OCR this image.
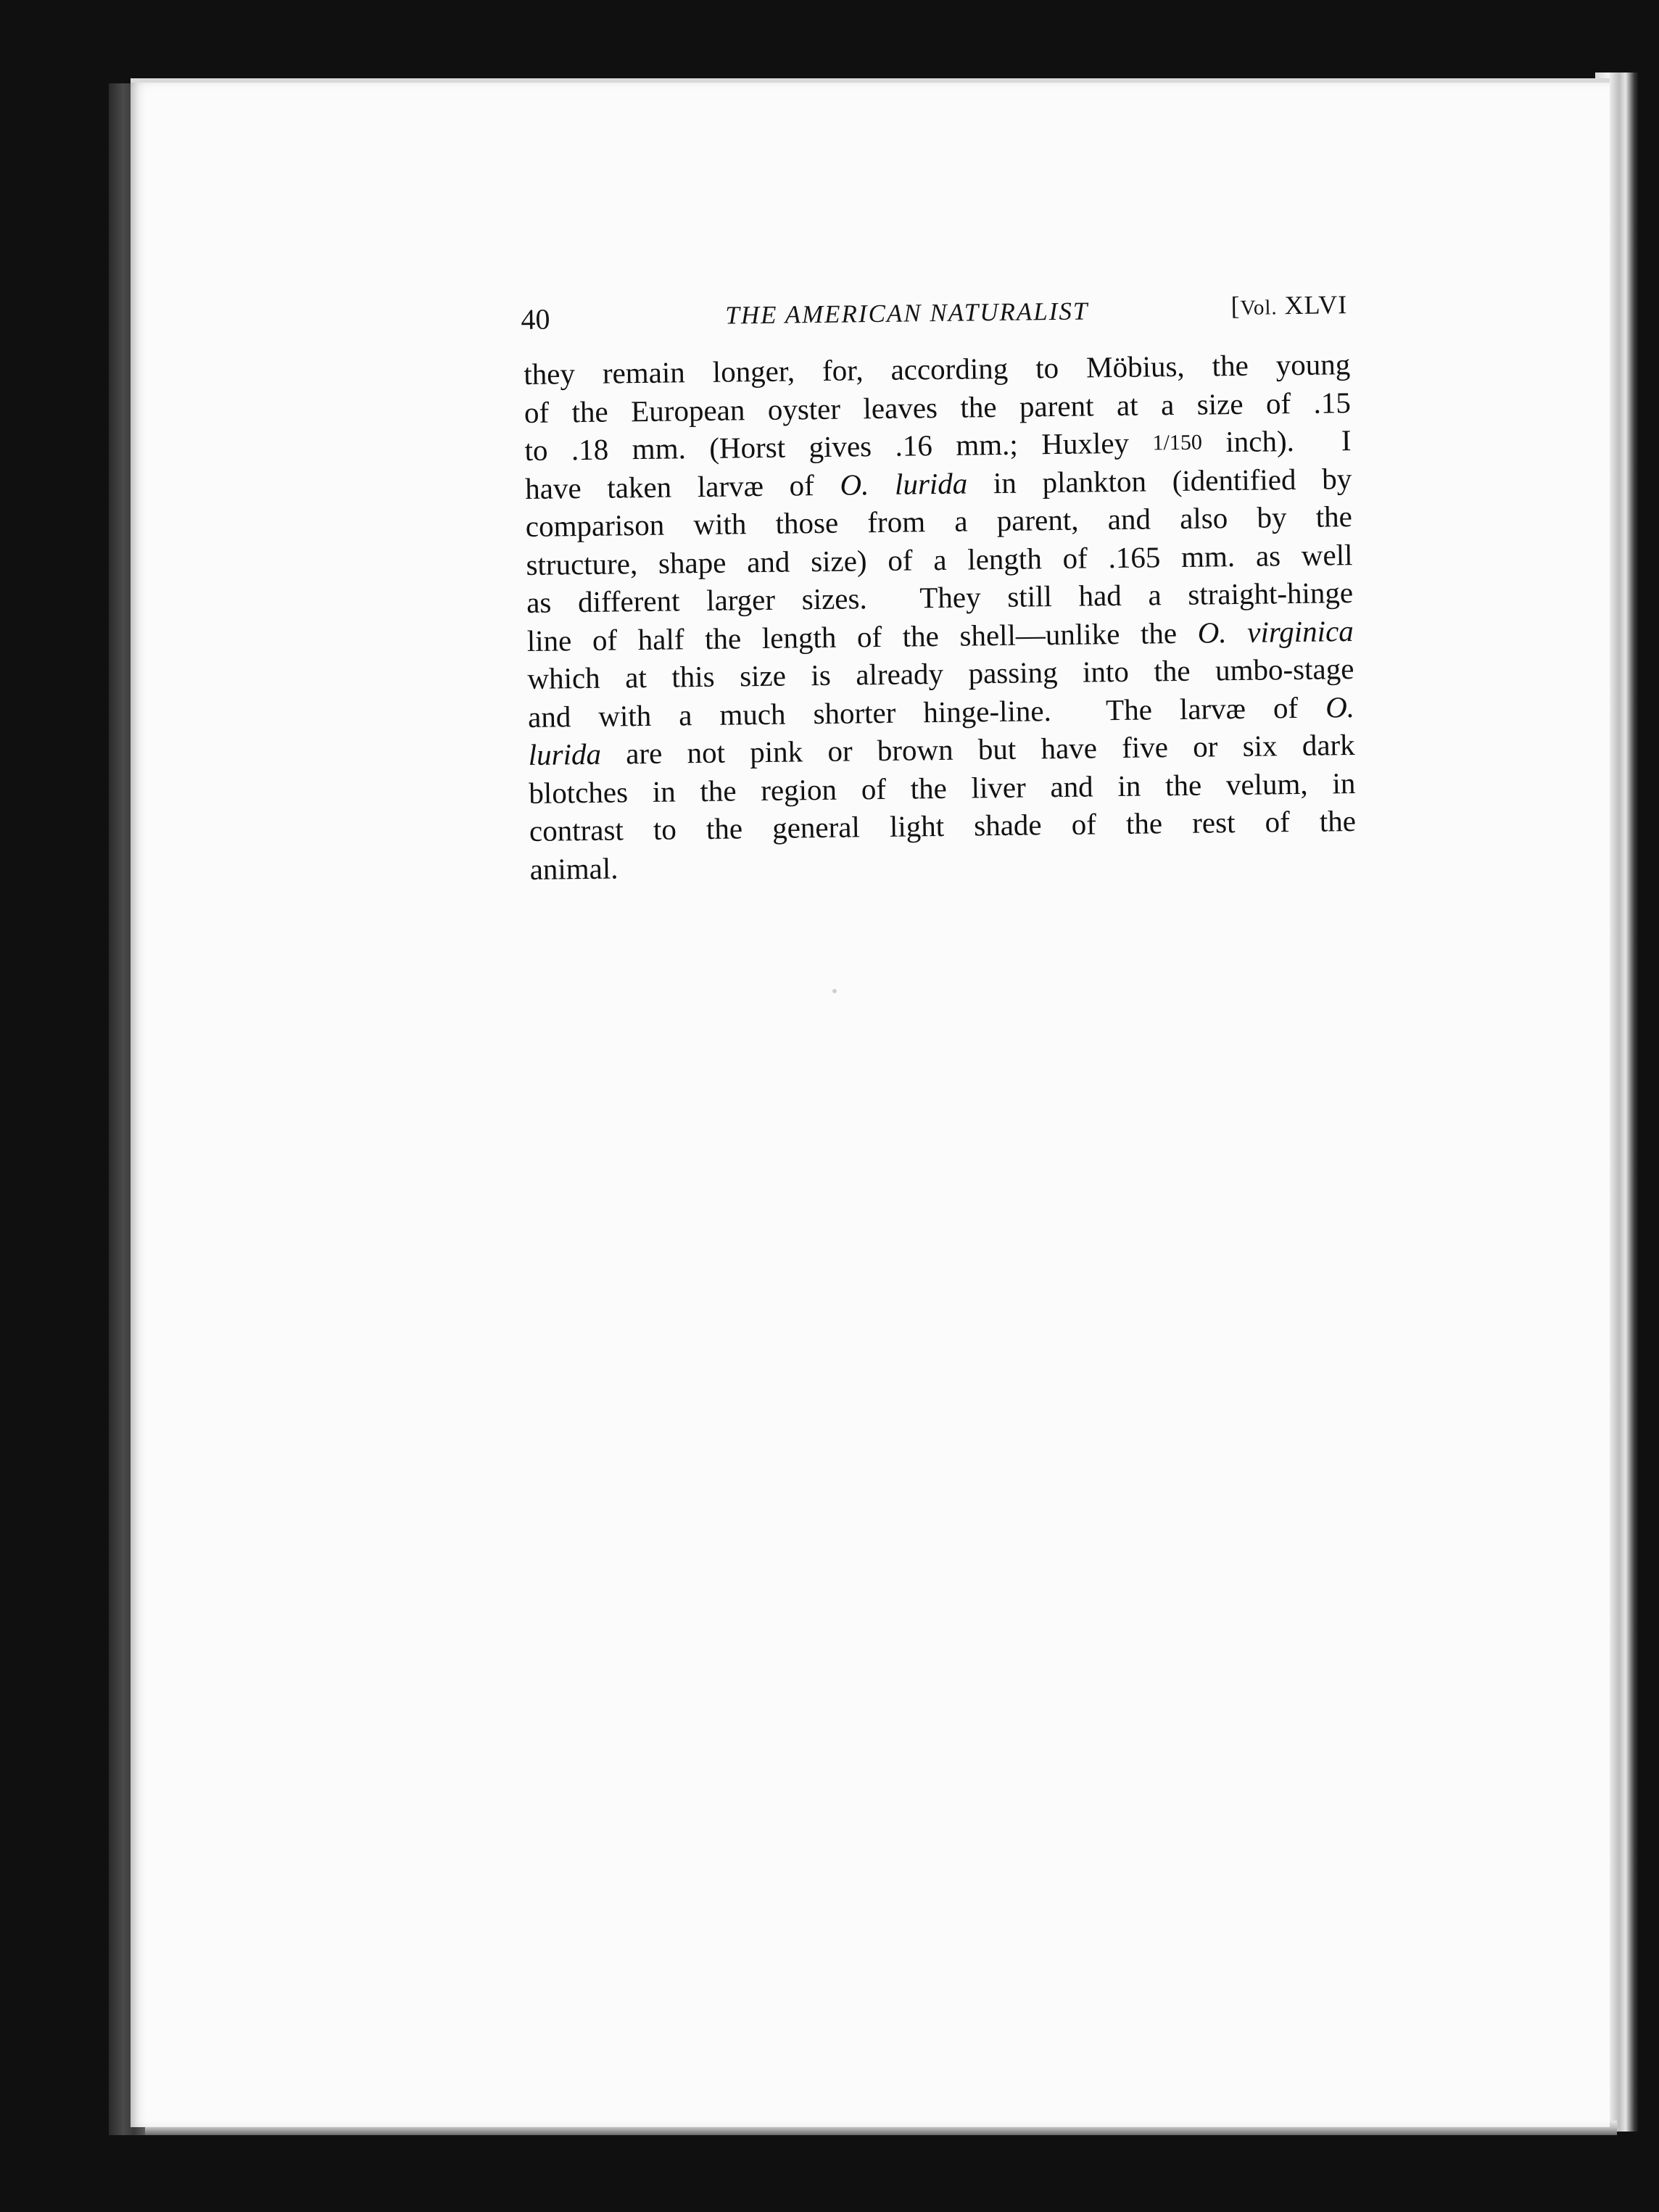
40	THE AMERICAN NATURALIST	[Vol. XLVI
they remain longer, for, according to Möbius, the young
of the European oyster leaves the parent at a size of .15
to .18 mm. (Horst gives .16 mm.; Huxley 1/150 inch).  I
have taken larvæ of O. lurida in plankton (identified by
comparison with those from a parent, and also by the
structure, shape and size) of a length of .165 mm. as well
as different larger sizes.  They still had a straight-hinge
line of half the length of the shell—unlike the O. virginica
which at this size is already passing into the umbo-stage
and with a much shorter hinge-line.  The larvæ of O.
lurida are not pink or brown but have five or six dark
blotches in the region of the liver and in the velum, in
contrast to the general light shade of the rest of the
animal.
